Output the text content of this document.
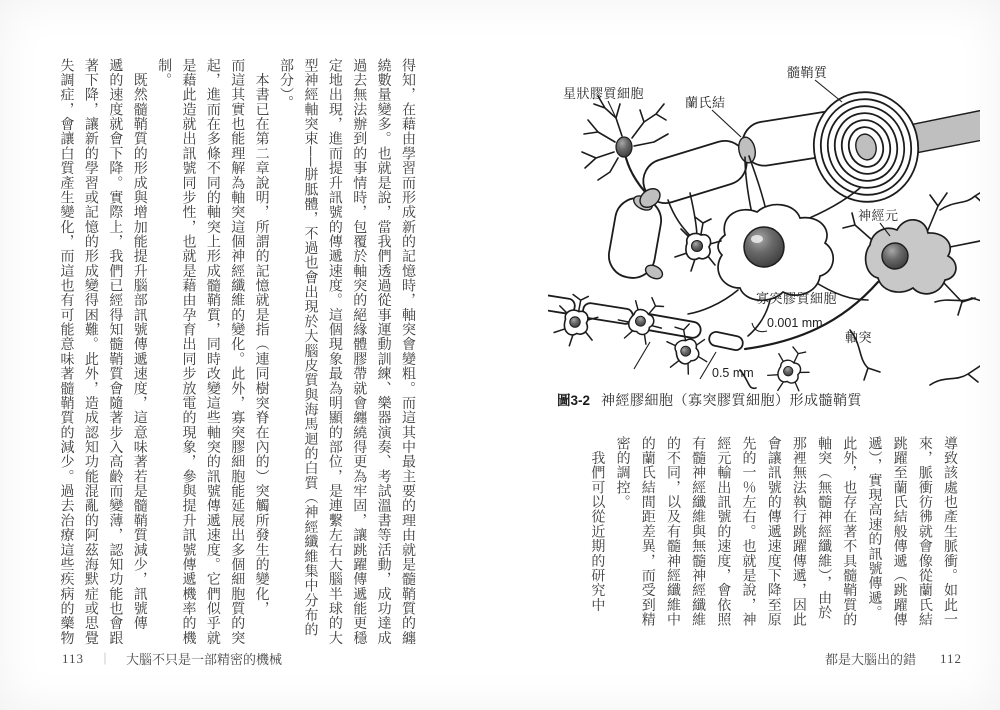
髓鞘質
星狀膠質細胞
蘭氏結
神經元
寡突膠質細胞
0.001 mm
軸突
0.5 mm
圖3-2 神經膠細胞（寡突膠質細胞）形成髓鞘質
導致該處也產生脈衝。如此一
來，脈衝彷彿就會像從蘭氏結
跳躍至蘭氏結般傳遞（跳躍傳
遞），實現高速的訊號傳遞。
此外，也存在著不具髓鞘質的
軸突（無髓神經纖維），由於
那裡無法執行跳躍傳遞，因此
會讓訊號的傳遞速度下降至原
先的一％左右。也就是說，神
經元輸出訊號的速度，會依照
有髓神經纖維與無髓神經纖維
的不同，以及有髓神經纖維中
的蘭氏結間距差異，而受到精
密的調控。
　我們可以從近期的研究中
得知，在藉由學習而形成新的記憶時，軸突會變粗。而這其中最主要的理由就是髓鞘質的纏
繞數量變多。也就是說，當我們透過從事運動訓練、樂器演奏、考試溫書等活動，成功達成
過去無法辦到的事情時，包覆於軸突的絕緣體膠帶就會纏繞得更為牢固，讓跳躍傳遞能更穩
定地出現，進而提升訊號的傳遞速度。這個現象最為明顯的部位，是連繫左右大腦半球的大
型神經軸突束──胼胝體，不過也會出現於大腦皮質與海馬迴的白質（神經纖維集中分布的
部分）。
　本書已在第二章說明，所謂的記憶就是指（連同樹突脊在內的）突觸所發生的變化，
而這其實也能理解為軸突這個神經纖維的變化。此外，寡突膠細胞能延展出多個細胞質的突
起，進而在多條不同的軸突上形成髓鞘質，同時改變這些軸突的訊號傳遞速度。它們似乎就
是藉此造就出訊號同步性，也就是藉由孕育出同步放電的現象，參與提升訊號傳遞機率的機
制。
　既然髓鞘質的形成與增加能提升腦部訊號傳遞速度，這意味著若是髓鞘質減少，訊號傳
遞的速度就會下降。實際上，我們已經得知髓鞘質會隨著步入高齡而變薄，認知功能也會跟
著下降，讓新的學習或記憶的形成變得困難。此外，造成認知功能混亂的阿茲海默症或思覺
失調症，會讓白質產生變化，而這也有可能意味著髓鞘質的減少。過去治療這些疾病的藥物
113 ｜ 大腦不只是一部精密的機械	都是大腦出的錯 112
